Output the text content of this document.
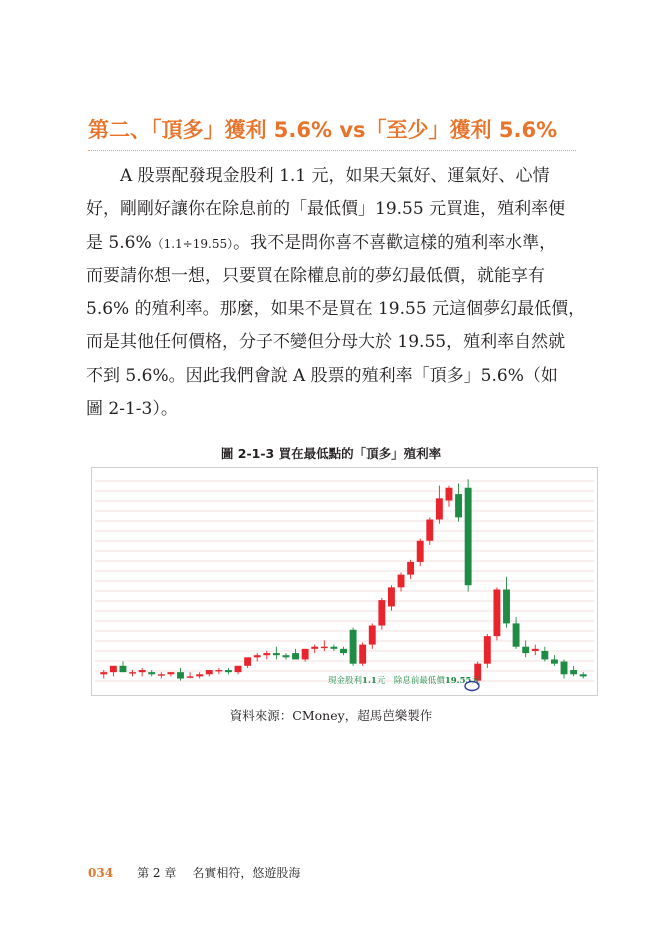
第二、「頂多」獲利 5.6% vs「至少」獲利 5.6%
A 股票配發現金股利 1.1 元，如果天氣好、運氣好、心情
好，剛剛好讓你在除息前的「最低價」19.55 元買進，殖利率便
是 5.6%（1.1÷19.55）。我不是問你喜不喜歡這樣的殖利率水準，
而要請你想一想，只要買在除權息前的夢幻最低價，就能享有
5.6% 的殖利率。那麼，如果不是買在 19.55 元這個夢幻最低價，
而是其他任何價格，分子不變但分母大於 19.55，殖利率自然就
不到 5.6%。因此我們會說 A 股票的殖利率「頂多」5.6%（如
圖 2-1-3）。
圖 2-1-3 買在最低點的「頂多」殖利率
現金股利1.1元　除息前最低價19.55元
資料來源：CMoney，超馬芭樂製作
034 第 2 章 名實相符，悠遊股海
